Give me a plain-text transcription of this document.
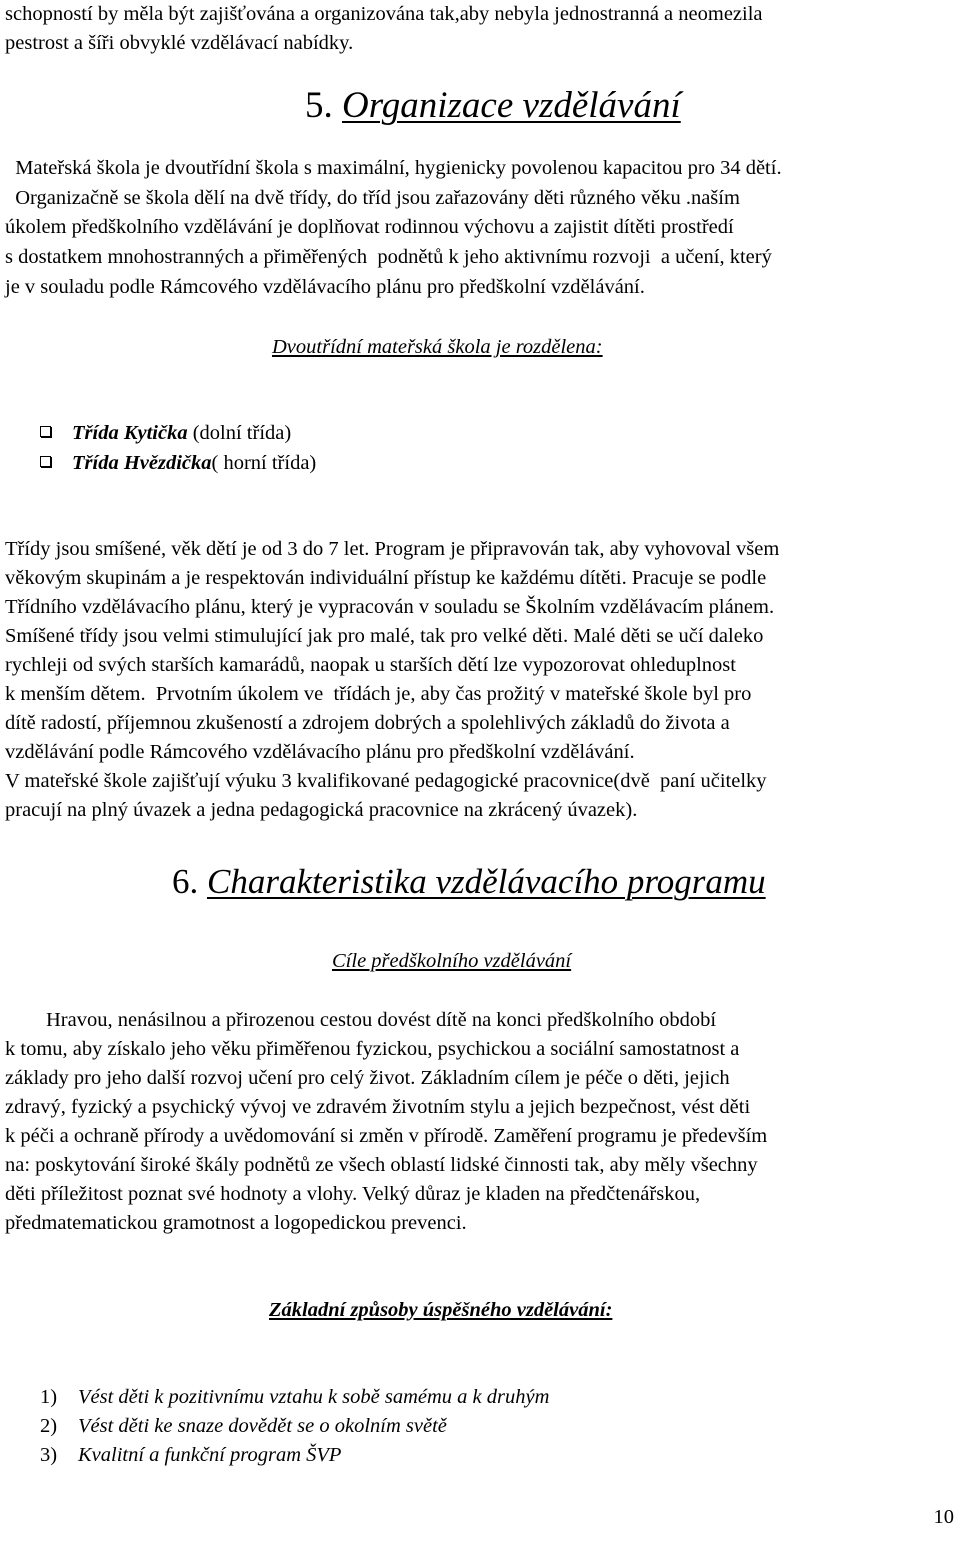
schopností by měla být zajišťována a organizována tak,aby nebyla jednostranná a neomezila
pestrost a šíři obvyklé vzdělávací nabídky.
5. Organizace vzdělávání
Mateřská škola je dvoutřídní škola s maximální, hygienicky povolenou kapacitou pro 34 dětí.
Organizačně se škola dělí na dvě třídy, do tříd jsou zařazovány děti různého věku .naším
úkolem předškolního vzdělávání je doplňovat rodinnou výchovu a zajistit dítěti prostředí
s dostatkem mnohostranných a přiměřených  podnětů k jeho aktivnímu rozvoji  a učení, který
je v souladu podle Rámcového vzdělávacího plánu pro předškolní vzdělávání.
Dvoutřídní mateřská škola je rozdělena:
Třída Kytička (dolní třída)
Třída Hvězdička( horní třída)
Třídy jsou smíšené, věk dětí je od 3 do 7 let. Program je připravován tak, aby vyhovoval všem
věkovým skupinám a je respektován individuální přístup ke každému dítěti. Pracuje se podle
Třídního vzdělávacího plánu, který je vypracován v souladu se Školním vzdělávacím plánem.
Smíšené třídy jsou velmi stimulující jak pro malé, tak pro velké děti. Malé děti se učí daleko
rychleji od svých starších kamarádů, naopak u starších dětí lze vypozorovat ohleduplnost
k menším dětem.  Prvotním úkolem ve  třídách je, aby čas prožitý v mateřské škole byl pro
dítě radostí, příjemnou zkušeností a zdrojem dobrých a spolehlivých základů do života a
vzdělávání podle Rámcového vzdělávacího plánu pro předškolní vzdělávání.
V mateřské škole zajišťují výuku 3 kvalifikované pedagogické pracovnice(dvě  paní učitelky
pracují na plný úvazek a jedna pedagogická pracovnice na zkrácený úvazek).
6. Charakteristika vzdělávacího programu
Cíle předškolního vzdělávání
Hravou, nenásilnou a přirozenou cestou dovést dítě na konci předškolního období
k tomu, aby získalo jeho věku přiměřenou fyzickou, psychickou a sociální samostatnost a
základy pro jeho další rozvoj učení pro celý život. Základním cílem je péče o děti, jejich
zdravý, fyzický a psychický vývoj ve zdravém životním stylu a jejich bezpečnost, vést děti
k péči a ochraně přírody a uvědomování si změn v přírodě. Zaměření programu je především
na: poskytování široké škály podnětů ze všech oblastí lidské činnosti tak, aby měly všechny
děti příležitost poznat své hodnoty a vlohy. Velký důraz je kladen na předčtenářskou,
předmatematickou gramotnost a logopedickou prevenci.
Základní způsoby úspěšného vzdělávání:
1) Vést děti k pozitivnímu vztahu k sobě samému a k druhým
2) Vést děti ke snaze dovědět se o okolním světě
3) Kvalitní a funkční program ŠVP
10
